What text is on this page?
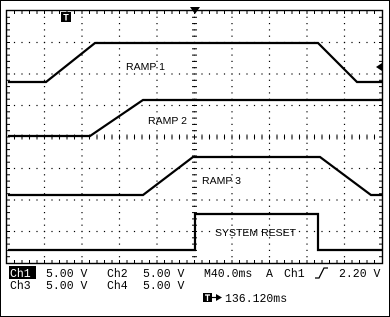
T
RAMP 1
RAMP 2
RAMP 3
SYSTEM RESET
Ch1 5.00 V Ch2 5.00 V M40.0ms A Ch1	2.20 V
Ch3 5.00 V Ch4 5.00 V
136.120ms
